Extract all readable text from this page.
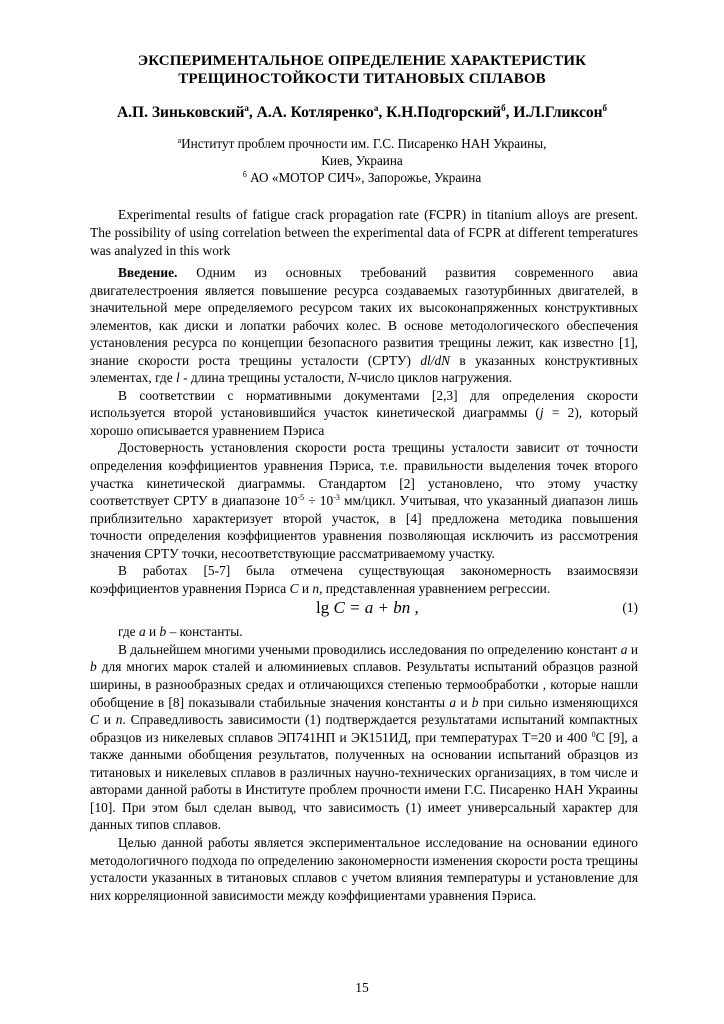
ЭКСПЕРИМЕНТАЛЬНОЕ ОПРЕДЕЛЕНИЕ ХАРАКТЕРИСТИК
ТРЕЩИНОСТОЙКОСТИ ТИТАНОВЫХ СПЛАВОВ
А.П. Зиньковский$^а$, А.А. Котляренко$^а$, К.Н.Подгорский$^б$, И.Л.Гликсон$^б$
$^а$Институт проблем прочности им. Г.С. Писаренко НАН Украины,
Киев, Украина
$^б$ АО «МОТОР СИЧ», Запорожье, Украина

Experimental results of fatigue crack propagation rate (FCPR) in titanium alloys are present. The possibility of using correlation between the experimental data of FCPR at different temperatures was analyzed in this work

Введение. Одним из основных требований развития современного авиа двигателестроения является повышение ресурса создаваемых газотурбинных двигателей, в значительной мере определяемого ресурсом таких их высоконапряженных конструктивных элементов, как диски и лопатки рабочих колес. В основе методологического обеспечения установления ресурса по концепции безопасного развития трещины лежит, как известно [1], знание скорости роста трещины усталости (СРТУ) dl/dN в указанных конструктивных элементах, где l - длина трещины усталости, N-число циклов нагружения.

В соответствии с нормативными документами [2,3] для определения скорости используется второй установившийся участок кинетической диаграммы (j = 2), который хорошо описывается уравнением Пэриса

Достоверность установления скорости роста трещины усталости зависит от точности определения коэффициентов уравнения Пэриса, т.е. правильности выделения точек второго участка кинетической диаграммы. Стандартом [2] установлено, что этому участку соответствует СРТУ в диапазоне $10^{-5} \div 10^{-3}$ мм/цикл. Учитывая, что указанный диапазон лишь приблизительно характеризует второй участок, в [4] предложена методика повышения точности определения коэффициентов уравнения позволяющая исключить из рассмотрения значения СРТУ точки, несоответствующие рассматриваемому участку.

В работах [5-7] была отмечена существующая закономерность взаимосвязи коэффициентов уравнения Пэриса C и n, представленная уравнением регрессии.

lg C = a + bn ,	(1)

где a и b – константы.

В дальнейшем многими учеными проводились исследования по определению констант a и b для многих марок сталей и алюминиевых сплавов. Результаты испытаний образцов разной ширины, в разнообразных средах и отличающихся степенью термообработки , которые нашли обобщение в [8] показывали стабильные значения константы a и b при сильно изменяющихся C и n. Справедливость зависимости (1) подтверждается результатами испытаний компактных образцов из никелевых сплавов ЭП741НП и ЭК151ИД, при температурах Т=20 и 400 $^0$С [9], а также данными обобщения результатов, полученных на основании испытаний образцов из титановых и никелевых сплавов в различных научно-технических организациях, в том числе и авторами данной работы в Институте проблем прочности имени Г.С. Писаренко НАН Украины [10]. При этом был сделан вывод, что зависимость (1) имеет универсальный характер для данных типов сплавов.

Целью данной работы является экспериментальное исследование на основании единого методологичного подхода по определению закономерности изменения скорости роста трещины усталости указанных в титановых сплавов с учетом влияния температуры и установление для них корреляционной зависимости между коэффициентами уравнения Пэриса.

15
